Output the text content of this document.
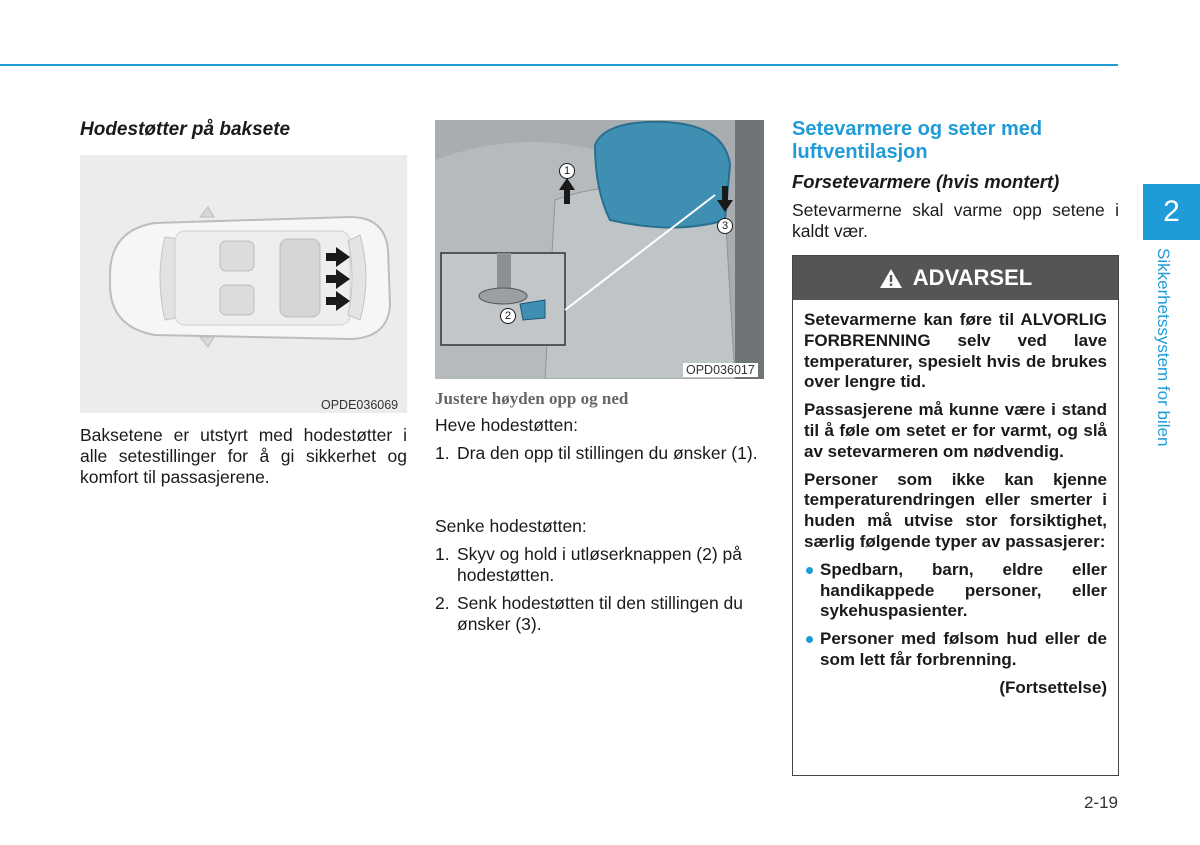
2
Sikkerhetssystem for bilen
Hodestøtter på baksete
OPDE036069

Baksetene er utstyrt med hodestøtter i alle setestillinger for å gi sikkerhet og komfort til passasjerene.

1
2
3
OPD036017
Justere høyden opp og ned

Heve hodestøtten:

1. Dra den opp til stillingen du ønsker (1).

Senke hodestøtten:

1. Skyv og hold i utløserknappen (2) på hodestøtten.
2. Senk hodestøtten til den stillingen du ønsker (3).
Setevarmere og seter med luftventilasjon
Forsetevarmere (hvis montert)

Setevarmerne skal varme opp setene i kaldt vær.

ADVARSEL

Setevarmerne kan føre til ALVORLIG FORBRENNING selv ved lave temperaturer, spesielt hvis de brukes over lengre tid.

Passasjerene må kunne være i stand til å føle om setet er for varmt, og slå av setevarmeren om nødvendig.

Personer som ikke kan kjenne temperaturendringen eller smerter i huden må utvise stor forsiktighet, særlig følgende typer av passasjerer:

Spedbarn, barn, eldre eller handikappede personer, eller sykehuspasienter.
Personer med følsom hud eller de som lett får forbrenning.

(Fortsettelse)

2-19
